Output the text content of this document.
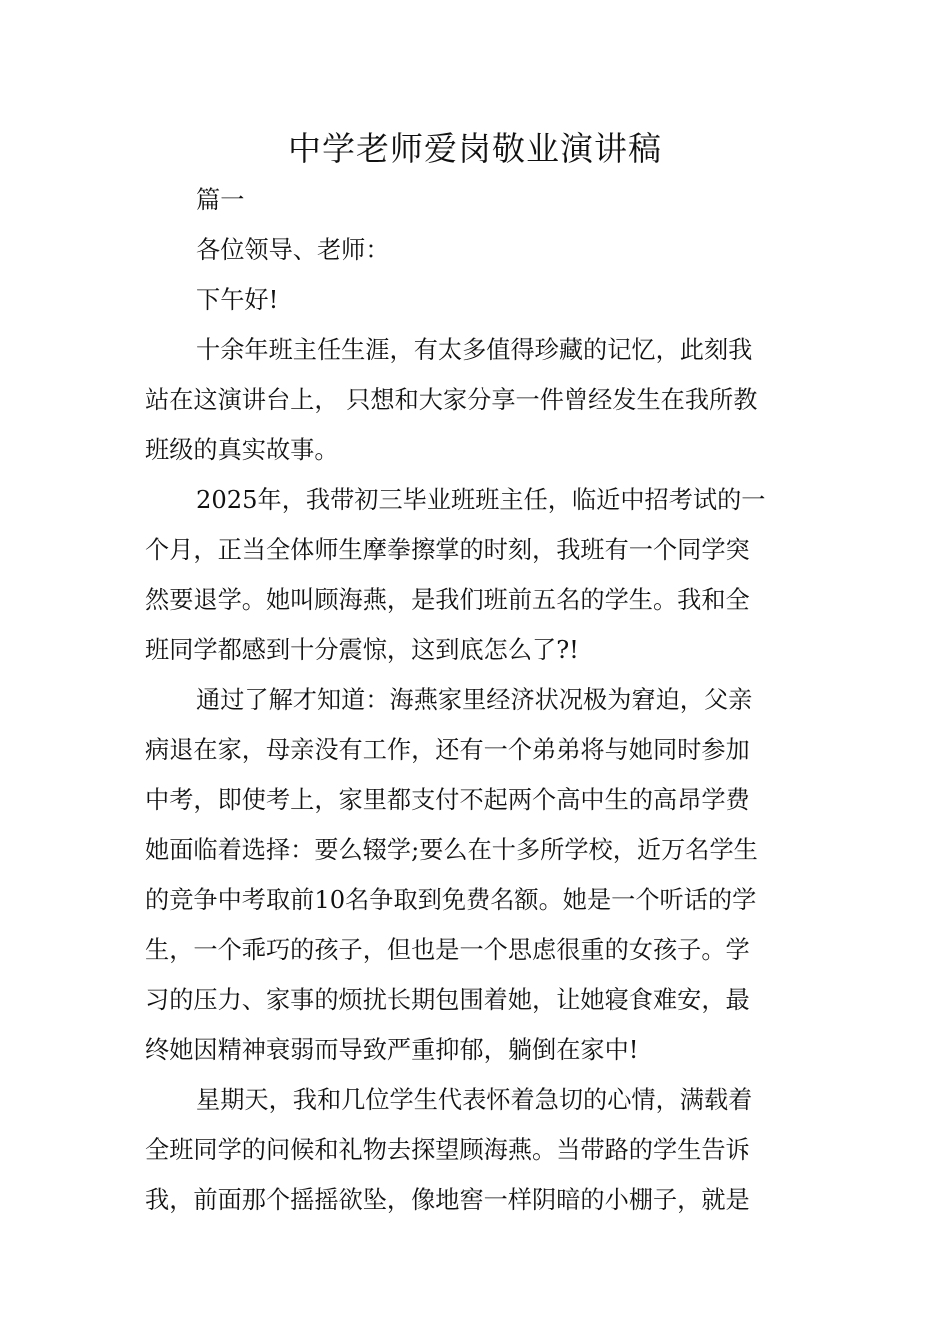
中学老师爱岗敬业演讲稿
篇一
各位领导、老师：
下午好!
十余年班主任生涯，有太多值得珍藏的记忆，此刻我
站在这演讲台上， 只想和大家分享一件曾经发生在我所教
班级的真实故事。
2025年，我带初三毕业班班主任，临近中招考试的一
个月，正当全体师生摩拳擦掌的时刻，我班有一个同学突
然要退学。她叫顾海燕，是我们班前五名的学生。我和全
班同学都感到十分震惊，这到底怎么了?!
通过了解才知道：海燕家里经济状况极为窘迫，父亲
病退在家，母亲没有工作，还有一个弟弟将与她同时参加
中考，即使考上，家里都支付不起两个高中生的高昂学费
她面临着选择：要么辍学;要么在十多所学校，近万名学生
的竞争中考取前10名争取到免费名额。她是一个听话的学
生，一个乖巧的孩子，但也是一个思虑很重的女孩子。学
习的压力、家事的烦扰长期包围着她，让她寝食难安，最
终她因精神衰弱而导致严重抑郁，躺倒在家中!
星期天，我和几位学生代表怀着急切的心情，满载着
全班同学的问候和礼物去探望顾海燕。当带路的学生告诉
我，前面那个摇摇欲坠，像地窖一样阴暗的小棚子，就是
